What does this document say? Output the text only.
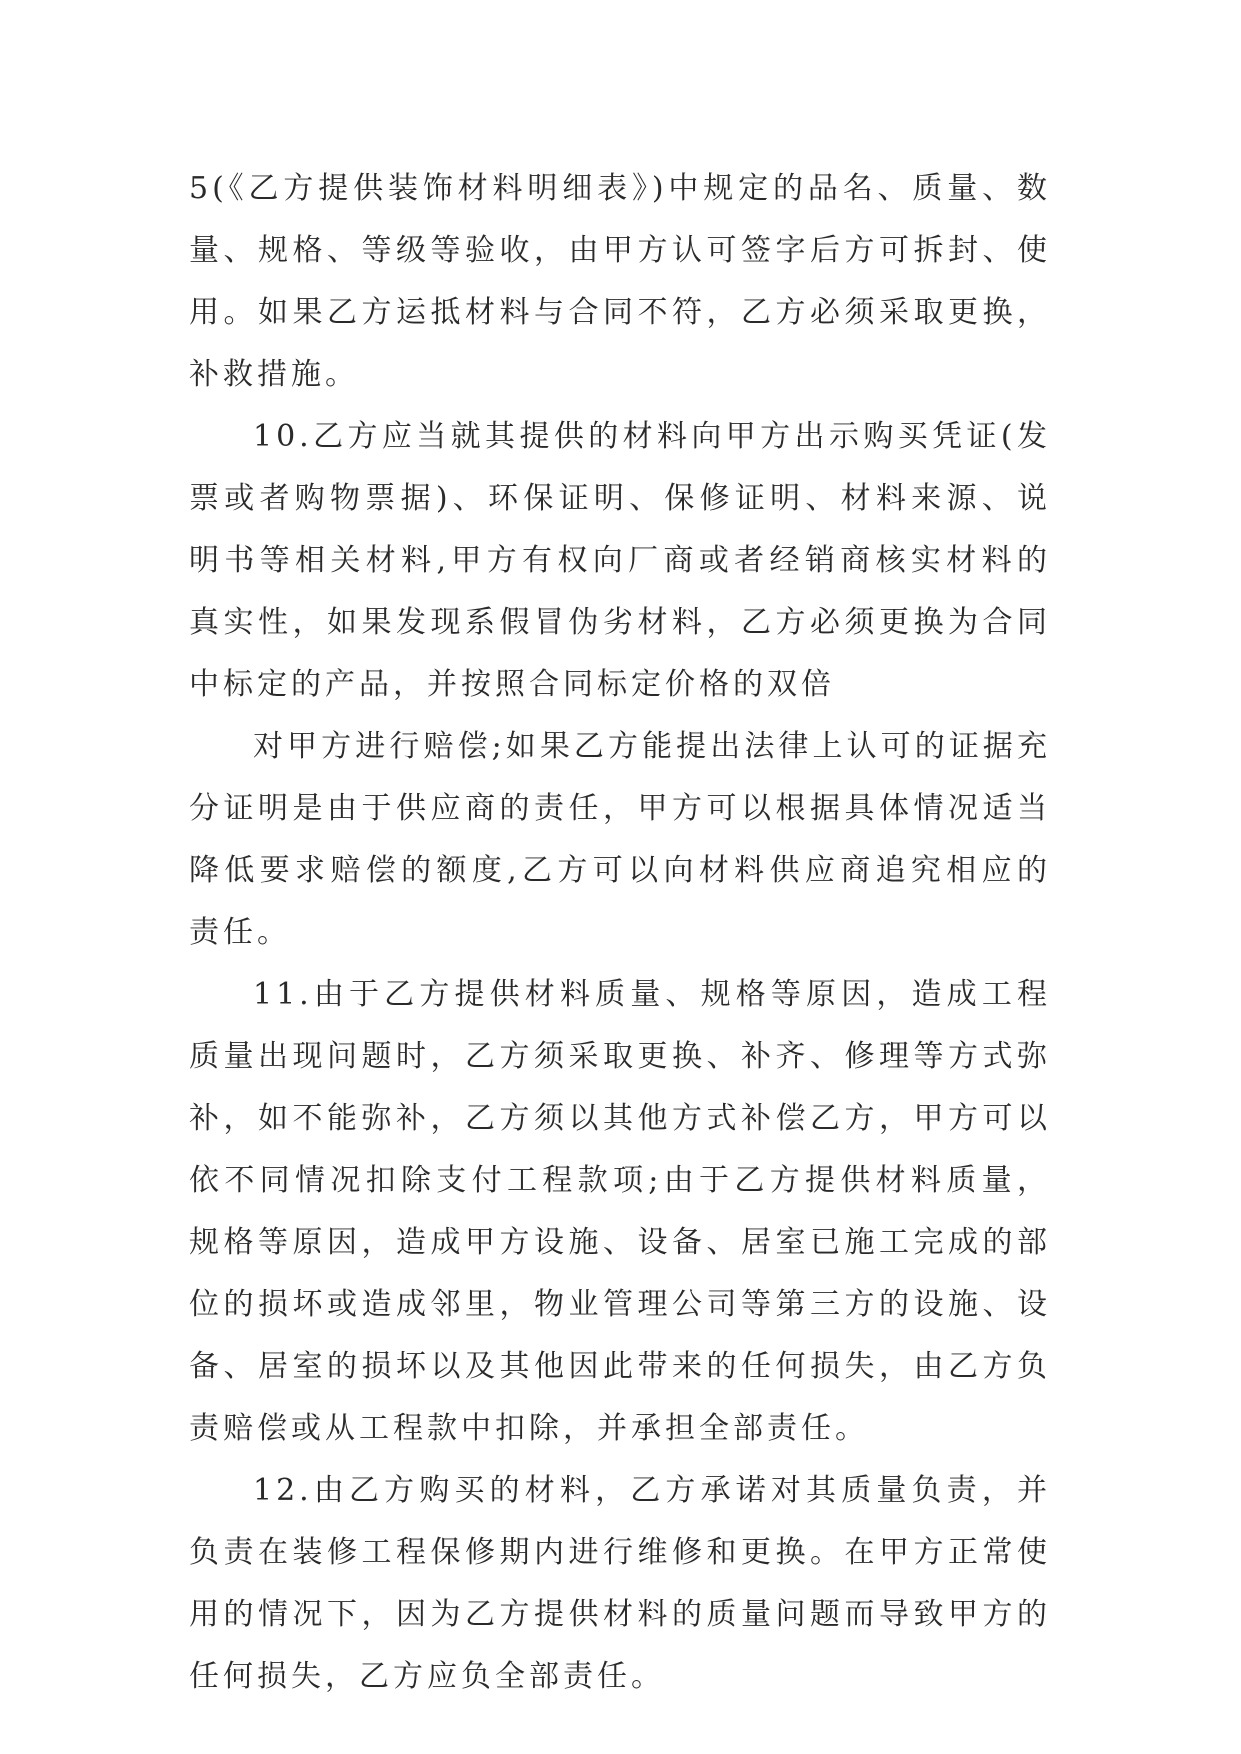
5(《乙方提供装饰材料明细表》)中规定的品名、质量、数量、规格、等级等验收，由甲方认可签字后方可拆封、使用。如果乙方运抵材料与合同不符，乙方必须采取更换，补救措施。

10.乙方应当就其提供的材料向甲方出示购买凭证(发票或者购物票据)、环保证明、保修证明、材料来源、说明书等相关材料,甲方有权向厂商或者经销商核实材料的真实性，如果发现系假冒伪劣材料，乙方必须更换为合同中标定的产品，并按照合同标定价格的双倍

对甲方进行赔偿;如果乙方能提出法律上认可的证据充分证明是由于供应商的责任，甲方可以根据具体情况适当降低要求赔偿的额度,乙方可以向材料供应商追究相应的责任。

11.由于乙方提供材料质量、规格等原因，造成工程质量出现问题时，乙方须采取更换、补齐、修理等方式弥补，如不能弥补，乙方须以其他方式补偿乙方，甲方可以依不同情况扣除支付工程款项;由于乙方提供材料质量，规格等原因，造成甲方设施、设备、居室已施工完成的部位的损坏或造成邻里，物业管理公司等第三方的设施、设备、居室的损坏以及其他因此带来的任何损失，由乙方负责赔偿或从工程款中扣除，并承担全部责任。

12.由乙方购买的材料，乙方承诺对其质量负责，并负责在装修工程保修期内进行维修和更换。在甲方正常使用的情况下，因为乙方提供材料的质量问题而导致甲方的任何损失，乙方应负全部责任。
